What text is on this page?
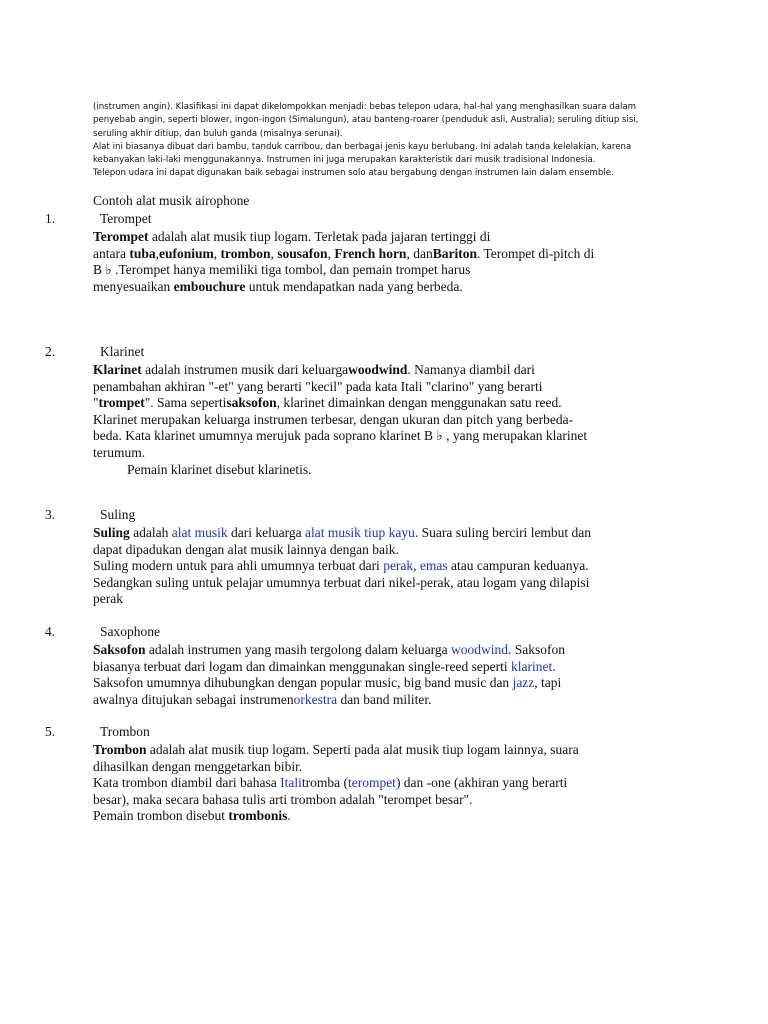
(instrumen angin). Klasifikasi ini dapat dikelompokkan menjadi: bebas telepon udara, hal-hal yang menghasilkan suara dalam

penyebab angin, seperti blower, ingon-ingon (Simalungun), atau banteng-roarer (penduduk asli, Australia); seruling ditiup sisi,

seruling akhir ditiup, dan buluh ganda (misalnya serunai).

Alat ini biasanya dibuat dari bambu, tanduk carribou, dan berbagai jenis kayu berlubang. Ini adalah tanda kelelakian, karena

kebanyakan laki-laki menggunakannya. Instrumen ini juga merupakan karakteristik dari musik tradisional Indonesia.

Telepon udara ini dapat digunakan baik sebagai instrumen solo atau bergabung dengan instrumen lain dalam ensemble.

Contoh alat musik airophone
1.	Terompet

Terompet adalah alat musik tiup logam. Terletak pada jajaran tertinggi di

antara tuba,eufonium, trombon, sousafon, French horn, danBariton. Terompet di-pitch di

B ♭ .Terompet hanya memiliki tiga tombol, dan pemain trompet harus

menyesuaikan embouchure untuk mendapatkan nada yang berbeda.

2.	Klarinet

Klarinet adalah instrumen musik dari keluargawoodwind. Namanya diambil dari

penambahan akhiran "-et" yang berarti "kecil" pada kata Itali "clarino" yang berarti

"trompet". Sama sepertisaksofon, klarinet dimainkan dengan menggunakan satu reed.

Klarinet merupakan keluarga instrumen terbesar, dengan ukuran dan pitch yang berbeda-

beda. Kata klarinet umumnya merujuk pada soprano klarinet B ♭ , yang merupakan klarinet

terumum.

Pemain klarinet disebut klarinetis.

3.	Suling

Suling adalah alat musik dari keluarga alat musik tiup kayu. Suara suling berciri lembut dan

dapat dipadukan dengan alat musik lainnya dengan baik.

Suling modern untuk para ahli umumnya terbuat dari perak, emas atau campuran keduanya.

Sedangkan suling untuk pelajar umumnya terbuat dari nikel-perak, atau logam yang dilapisi

perak

4.	Saxophone

Saksofon adalah instrumen yang masih tergolong dalam keluarga woodwind. Saksofon

biasanya terbuat dari logam dan dimainkan menggunakan single-reed seperti klarinet.

Saksofon umumnya dihubungkan dengan popular music, big band music dan jazz, tapi

awalnya ditujukan sebagai instrumenorkestra dan band militer.

5.	Trombon

Trombon adalah alat musik tiup logam. Seperti pada alat musik tiup logam lainnya, suara

dihasilkan dengan menggetarkan bibir.

Kata trombon diambil dari bahasa Italitromba (terompet) dan -one (akhiran yang berarti

besar), maka secara bahasa tulis arti trombon adalah "terompet besar".

Pemain trombon disebut trombonis.
